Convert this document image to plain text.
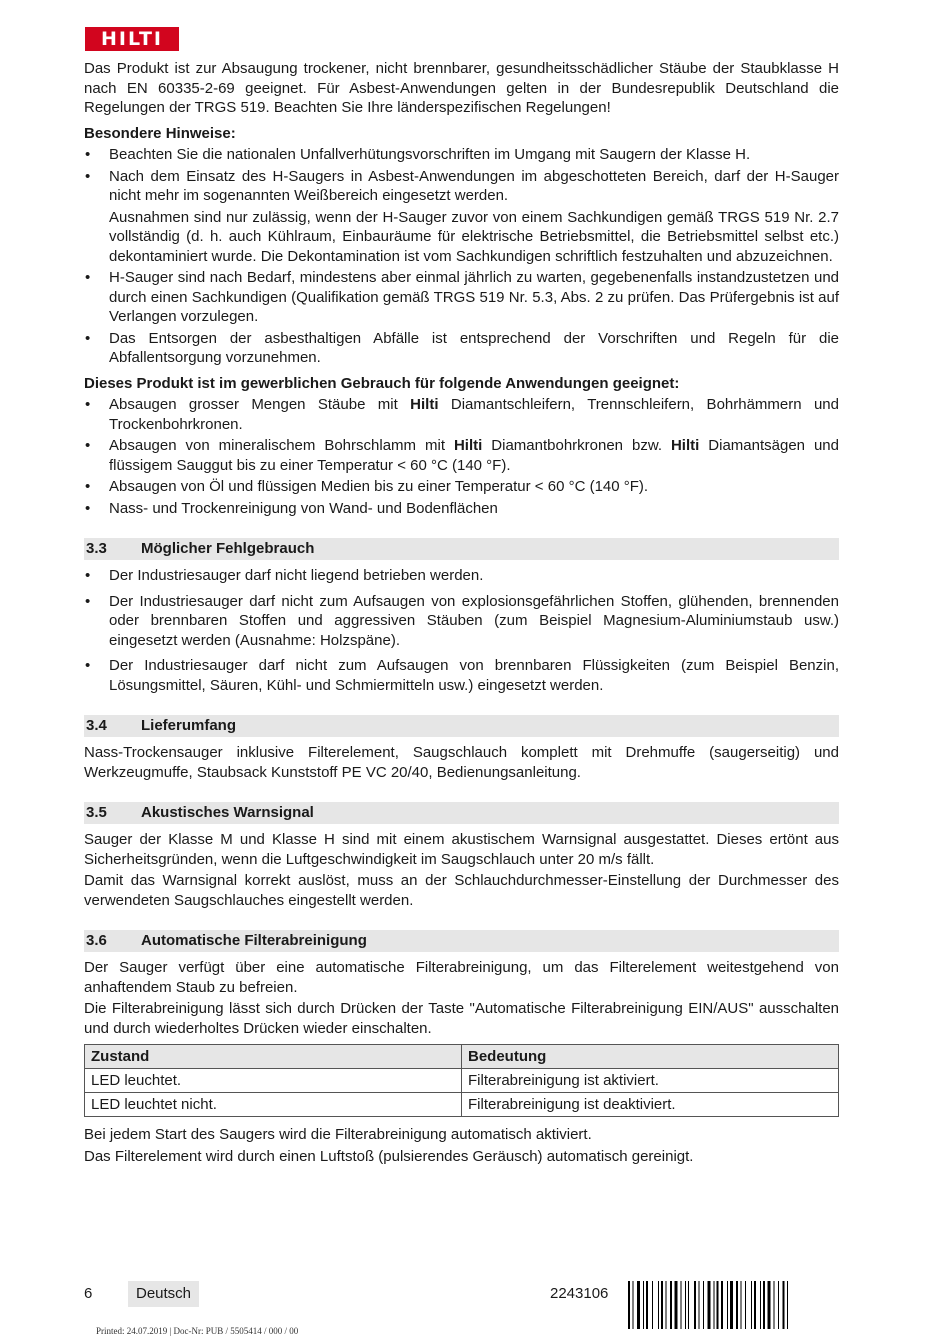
HILTI

Das Produkt ist zur Absaugung trockener, nicht brennbarer, gesundheitsschädlicher Stäube der Staubklasse H nach EN 60335-2-69 geeignet. Für Asbest-Anwendungen gelten in der Bundesrepublik Deutschland die Regelungen der TRGS 519. Beachten Sie Ihre länderspezifischen Regelungen!

Besondere Hinweise:

• Beachten Sie die nationalen Unfallverhütungsvorschriften im Umgang mit Saugern der Klasse H.
• Nach dem Einsatz des H-Saugers in Asbest-Anwendungen im abgeschotteten Bereich, darf der H-Sauger nicht mehr im sogenannten Weißbereich eingesetzt werden.

Ausnahmen sind nur zulässig, wenn der H-Sauger zuvor von einem Sachkundigen gemäß TRGS 519 Nr. 2.7 vollständig (d. h. auch Kühlraum, Einbauräume für elektrische Betriebsmittel, die Betriebsmittel selbst etc.) dekontaminiert wurde. Die Dekontamination ist vom Sachkundigen schriftlich festzuhalten und abzuzeichnen.

• H-Sauger sind nach Bedarf, mindestens aber einmal jährlich zu warten, gegebenenfalls instandzustetzen und durch einen Sachkundigen (Qualifikation gemäß TRGS 519 Nr. 5.3, Abs. 2 zu prüfen. Das Prüfergebnis ist auf Verlangen vorzulegen.
• Das Entsorgen der asbesthaltigen Abfälle ist entsprechend der Vorschriften und Regeln für die Abfallentsorgung vorzunehmen.

Dieses Produkt ist im gewerblichen Gebrauch für folgende Anwendungen geeignet:

• Absaugen grosser Mengen Stäube mit Hilti Diamantschleifern, Trennschleifern, Bohrhämmern und Trockenbohrkronen.
• Absaugen von mineralischem Bohrschlamm mit Hilti Diamantbohrkronen bzw. Hilti Diamantsägen und flüssigem Sauggut bis zu einer Temperatur < 60 °C (140 °F).
• Absaugen von Öl und flüssigen Medien bis zu einer Temperatur < 60 °C (140 °F).
• Nass- und Trockenreinigung von Wand- und Bodenflächen
3.3	Möglicher Fehlgebrauch
• Der Industriesauger darf nicht liegend betrieben werden.
• Der Industriesauger darf nicht zum Aufsaugen von explosionsgefährlichen Stoffen, glühenden, brennenden oder brennbaren Stoffen und aggressiven Stäuben (zum Beispiel Magnesium-Aluminiumstaub usw.) eingesetzt werden (Ausnahme: Holzspäne).
• Der Industriesauger darf nicht zum Aufsaugen von brennbaren Flüssigkeiten (zum Beispiel Benzin, Lösungsmittel, Säuren, Kühl- und Schmiermitteln usw.) eingesetzt werden.
3.4	Lieferumfang

Nass-Trockensauger inklusive Filterelement, Saugschlauch komplett mit Drehmuffe (saugerseitig) und Werkzeugmuffe, Staubsack Kunststoff PE VC 20/40, Bedienungsanleitung.

3.5	Akustisches Warnsignal

Sauger der Klasse M und Klasse H sind mit einem akustischem Warnsignal ausgestattet. Dieses ertönt aus Sicherheitsgründen, wenn die Luftgeschwindigkeit im Saugschlauch unter 20 m/s fällt.

Damit das Warnsignal korrekt auslöst, muss an der Schlauchdurchmesser-Einstellung der Durchmesser des verwendeten Saugschlauches eingestellt werden.

3.6	Automatische Filterabreinigung

Der Sauger verfügt über eine automatische Filterabreinigung, um das Filterelement weitestgehend von anhaftendem Staub zu befreien.

Die Filterabreinigung lässt sich durch Drücken der Taste "Automatische Filterabreinigung EIN/AUS" ausschalten und durch wiederholtes Drücken wieder einschalten.

Zustand	Bedeutung
LED leuchtet.	Filterabreinigung ist aktiviert.
LED leuchtet nicht.	Filterabreinigung ist deaktiviert.

Bei jedem Start des Saugers wird die Filterabreinigung automatisch aktiviert.

Das Filterelement wird durch einen Luftstoß (pulsierendes Geräusch) automatisch gereinigt.

6	Deutsch	2243106
Printed: 24.07.2019 | Doc-Nr: PUB / 5505414 / 000 / 00
